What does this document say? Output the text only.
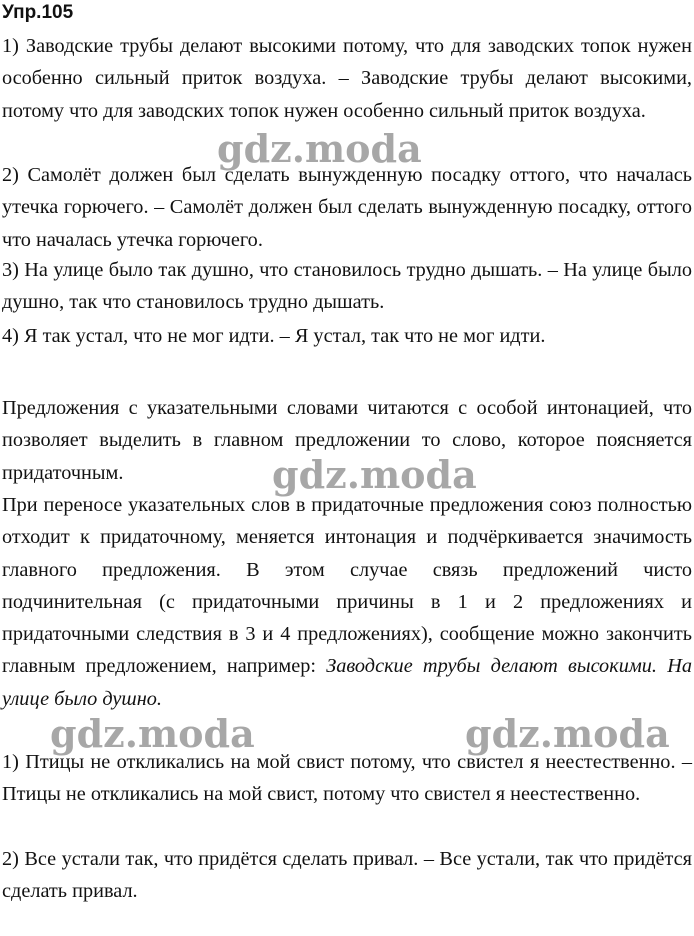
Упр.105

1) Заводские трубы делают высокими потому, что для заводских топок нужен особенно сильный приток воздуха. – Заводские трубы делают высокими, потому что для заводских топок нужен особенно сильный приток воздуха.

2) Самолёт должен был сделать вынужденную посадку оттого, что началась утечка горючего. – Самолёт должен был сделать вынужденную посадку, оттого что началась утечка горючего.

3) На улице было так душно, что становилось трудно дышать. – На улице было душно, так что становилось трудно дышать.

4) Я так устал, что не мог идти. – Я устал, так что не мог идти.

Предложения с указательными словами читаются с особой интонацией, что позволяет выделить в главном предложении то слово, которое поясняется придаточным.

При переносе указательных слов в придаточные предложения союз полностью отходит к придаточному, меняется интонация и подчёркивается значимость главного предложения. В этом случае связь предложений чисто подчинительная (с придаточными причины в 1 и 2 предложениях и придаточными следствия в 3 и 4 предложениях), сообщение можно закончить главным предложением, например: Заводские трубы делают высокими. На улице было душно.

1) Птицы не откликались на мой свист потому, что свистел я неестественно. – Птицы не откликались на мой свист, потому что свистел я неестественно.

2) Все устали так, что придётся сделать привал. – Все устали, так что придётся сделать привал.

gdz.moda
gdz.moda
gdz.moda	gdz.moda
